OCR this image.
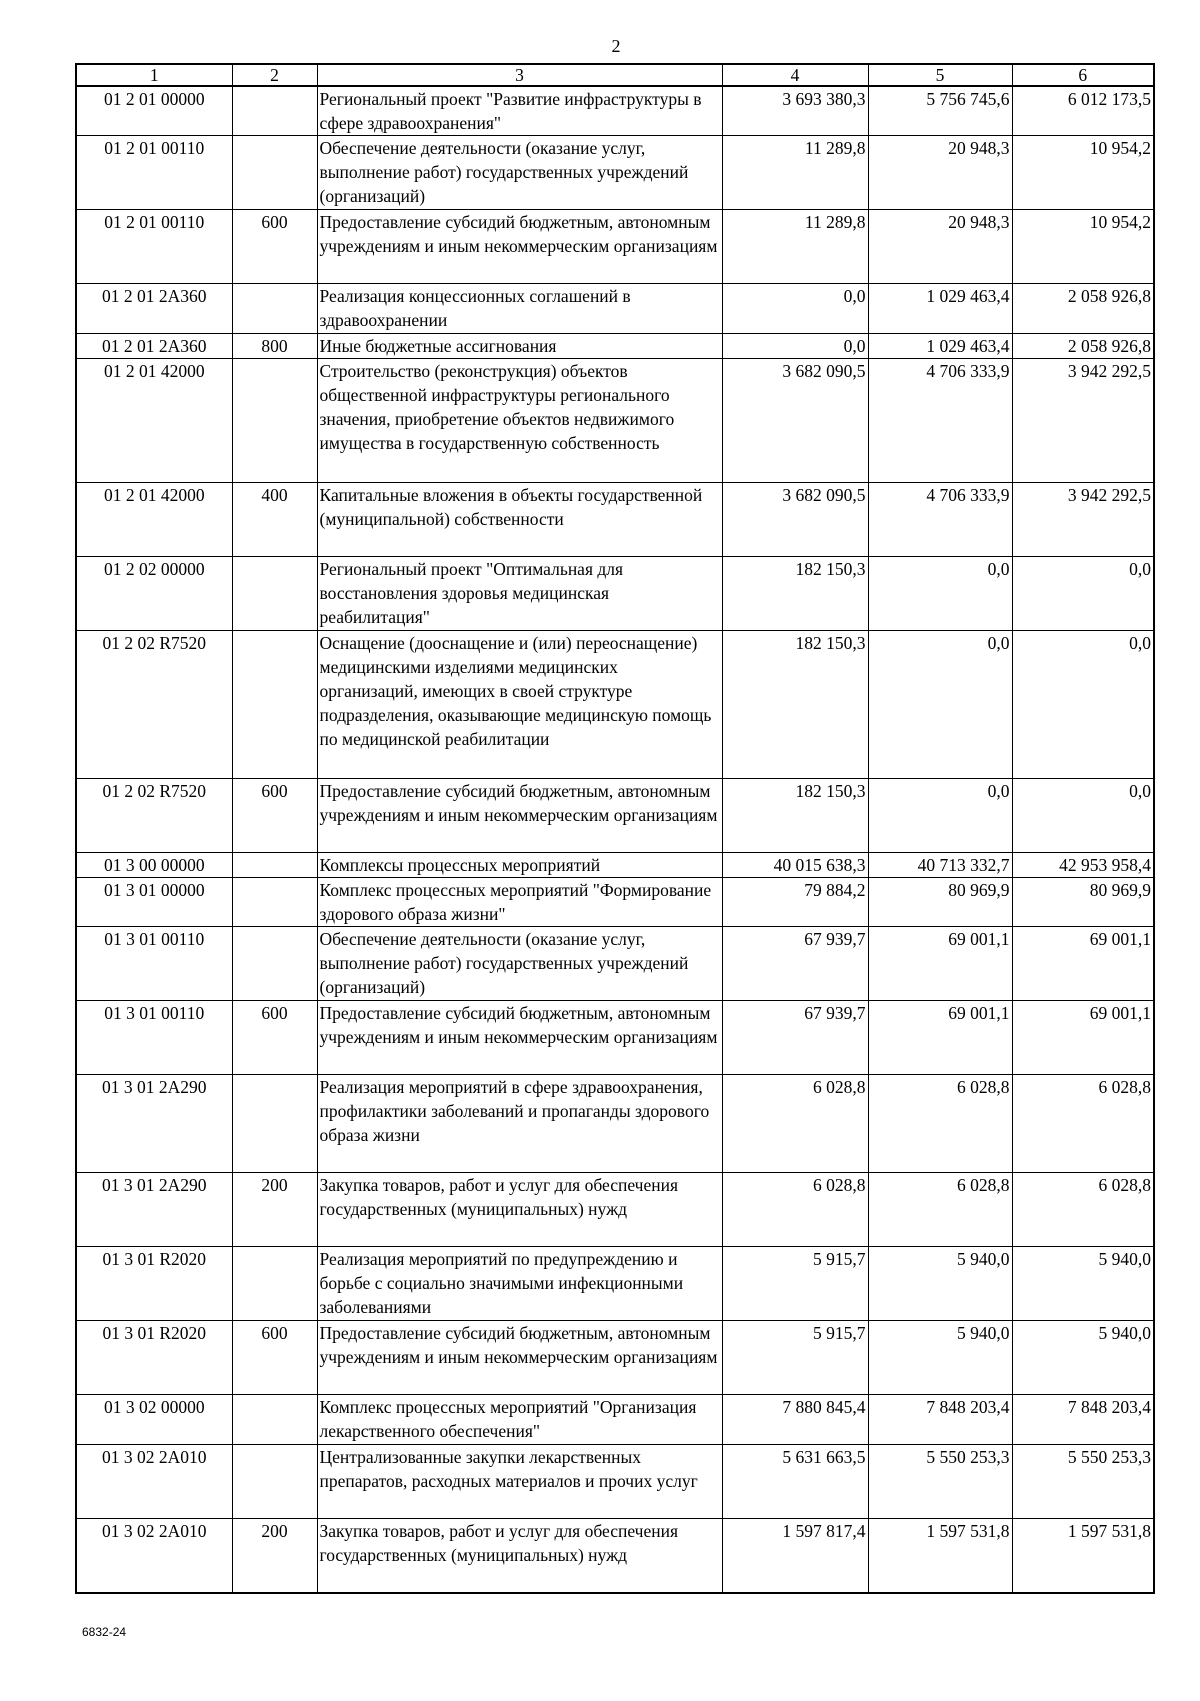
2
1	2	3	4	5	6
01 2 01 00000		Региональный проект "Развитие инфраструктуры в сфере здравоохранения"	3 693 380,3	5 756 745,6	6 012 173,5
01 2 01 00110		Обеспечение деятельности (оказание услуг, выполнение работ) государственных учреждений (организаций)	11 289,8	20 948,3	10 954,2
01 2 01 00110	600	Предоставление субсидий бюджетным, автономным учреждениям и иным некоммерческим организациям	11 289,8	20 948,3	10 954,2
01 2 01 2А360		Реализация концессионных соглашений в здравоохранении	0,0	1 029 463,4	2 058 926,8
01 2 01 2А360	800	Иные бюджетные ассигнования	0,0	1 029 463,4	2 058 926,8
01 2 01 42000		Строительство (реконструкция) объектов общественной инфраструктуры регионального значения, приобретение объектов недвижимого имущества в государственную собственность	3 682 090,5	4 706 333,9	3 942 292,5
01 2 01 42000	400	Капитальные вложения в объекты государственной (муниципальной) собственности	3 682 090,5	4 706 333,9	3 942 292,5
01 2 02 00000		Региональный проект "Оптимальная для восстановления здоровья медицинская реабилитация"	182 150,3	0,0	0,0
01 2 02 R7520		Оснащение (дооснащение и (или) переоснащение) медицинскими изделиями медицинских организаций, имеющих в своей структуре подразделения, оказывающие медицинскую помощь по медицинской реабилитации	182 150,3	0,0	0,0
01 2 02 R7520	600	Предоставление субсидий бюджетным, автономным учреждениям и иным некоммерческим организациям	182 150,3	0,0	0,0
01 3 00 00000		Комплексы процессных мероприятий	40 015 638,3	40 713 332,7	42 953 958,4
01 3 01 00000		Комплекс процессных мероприятий "Формирование здорового образа жизни"	79 884,2	80 969,9	80 969,9
01 3 01 00110		Обеспечение деятельности (оказание услуг, выполнение работ) государственных учреждений (организаций)	67 939,7	69 001,1	69 001,1
01 3 01 00110	600	Предоставление субсидий бюджетным, автономным учреждениям и иным некоммерческим организациям	67 939,7	69 001,1	69 001,1
01 3 01 2А290		Реализация мероприятий в сфере здравоохранения, профилактики заболеваний и пропаганды здорового образа жизни	6 028,8	6 028,8	6 028,8
01 3 01 2А290	200	Закупка товаров, работ и услуг для обеспечения государственных (муниципальных) нужд	6 028,8	6 028,8	6 028,8
01 3 01 R2020		Реализация мероприятий по предупреждению и борьбе с социально значимыми инфекционными заболеваниями	5 915,7	5 940,0	5 940,0
01 3 01 R2020	600	Предоставление субсидий бюджетным, автономным учреждениям и иным некоммерческим организациям	5 915,7	5 940,0	5 940,0
01 3 02 00000		Комплекс процессных мероприятий "Организация лекарственного обеспечения"	7 880 845,4	7 848 203,4	7 848 203,4
01 3 02 2А010		Централизованные закупки лекарственных препаратов, расходных материалов и прочих услуг	5 631 663,5	5 550 253,3	5 550 253,3
01 3 02 2А010	200	Закупка товаров, работ и услуг для обеспечения государственных (муниципальных) нужд	1 597 817,4	1 597 531,8	1 597 531,8
6832-24
